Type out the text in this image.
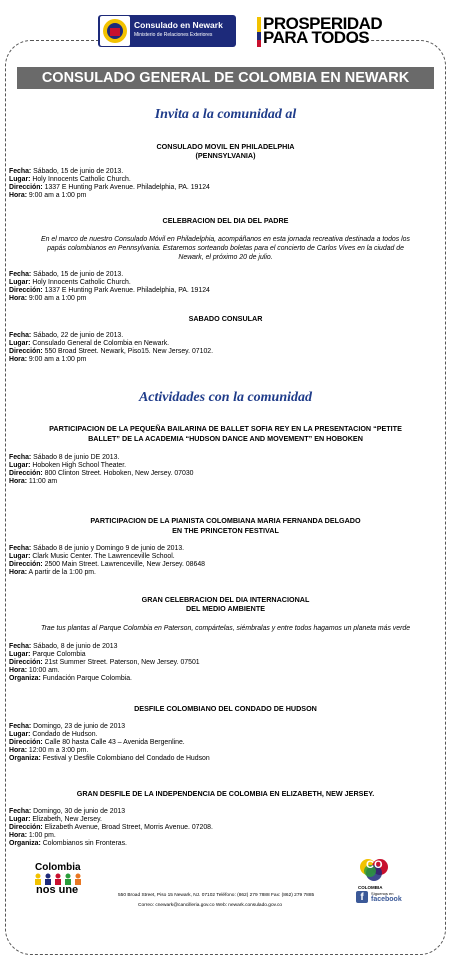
Consulado en Newark
Ministerio de Relaciones Exteriores
PROSPERIDAD
PARA TODOS
CONSULADO GENERAL DE COLOMBIA EN NEWARK
Invita a la comunidad al
Actividades con la comunidad
CONSULADO MOVIL EN PHILADELPHIA
(PENNSYLVANIA)
Fecha: Sábado, 15 de junio de 2013.
Lugar: Holy Innocents Catholic Church.
Dirección: 1337 E Hunting Park Avenue. Philadelphia, PA. 19124
Hora: 9:00 am a 1:00 pm
CELEBRACION DEL DIA DEL PADRE
En el marco de nuestro Consulado Móvil en Philadelphia, acompáñanos en esta jornada recreativa destinada a todos los
papás colombianos en Pennsylvania. Estaremos sorteando boletas para el concierto de Carlos Vives en la ciudad de
Newark, el próximo 20 de julio.
Fecha: Sábado, 15 de junio de 2013.
Lugar: Holy Innocents Catholic Church.
Dirección: 1337 E Hunting Park Avenue. Philadelphia, PA. 19124
Hora: 9:00 am a 1:00 pm
SABADO CONSULAR
Fecha: Sábado, 22 de junio de 2013.
Lugar: Consulado General de Colombia en Newark.
Dirección: 550 Broad Street. Newark, Piso15. New Jersey. 07102.
Hora: 9:00 am a 1:00 pm
PARTICIPACION DE LA PEQUEÑA BAILARINA DE BALLET SOFIA REY EN LA PRESENTACION “PETITE
BALLET” DE LA ACADEMIA “HUDSON DANCE AND MOVEMENT” EN HOBOKEN
Fecha: Sábado 8 de junio DE 2013.
Lugar: Hoboken High School Theater.
Dirección: 800 Clinton Street. Hoboken, New Jersey. 07030
Hora: 11:00 am
PARTICIPACION DE LA PIANISTA COLOMBIANA MARIA FERNANDA DELGADO
EN THE PRINCETON FESTIVAL
Fecha: Sábado 8 de junio y Domingo 9 de junio de 2013.
Lugar: Clark Music Center. The Lawrenceville School.
Dirección: 2500 Main Street. Lawrenceville, New Jersey. 08648
Hora: A partir de la 1:00 pm.
GRAN CELEBRACION DEL DIA INTERNACIONAL
DEL MEDIO AMBIENTE
Trae tus plantas al Parque Colombia en Paterson, compártelas, siémbralas y entre todos hagamos un planeta más verde
Fecha: Sábado, 8 de junio de 2013
Lugar: Parque Colombia
Dirección: 21st Summer Street. Paterson, New Jersey. 07501
Hora: 10:00 am.
Organiza: Fundación Parque Colombia.
DESFILE COLOMBIANO DEL CONDADO DE HUDSON
Fecha: Domingo, 23 de junio de 2013
Lugar: Condado de Hudson.
Dirección: Calle 80 hasta Calle 43 – Avenida Bergenline.
Hora: 12:00 m a 3:00 pm.
Organiza: Festival y Desfile Colombiano del Condado de Hudson
GRAN DESFILE DE LA INDEPENDENCIA DE COLOMBIA EN ELIZABETH, NEW JERSEY.
Fecha: Domingo, 30 de junio de 2013
Lugar: Elizabeth, New Jersey.
Dirección: Elizabeth Avenue, Broad Street, Morris Avenue. 07208.
Hora: 1:00 pm.
Organiza: Colombianos sin Fronteras.
Colombia
nos une	550 Broad Street, Piso 15 Newark, NJ. 07102 Teléfono: (862) 279 7888 Fax: (862) 279 7885
Correo: cnewark@cancilleria.gov.co Web: newark.consulado.gov.co
CO
COLOMBIA
f	Síguenos en
facebook
